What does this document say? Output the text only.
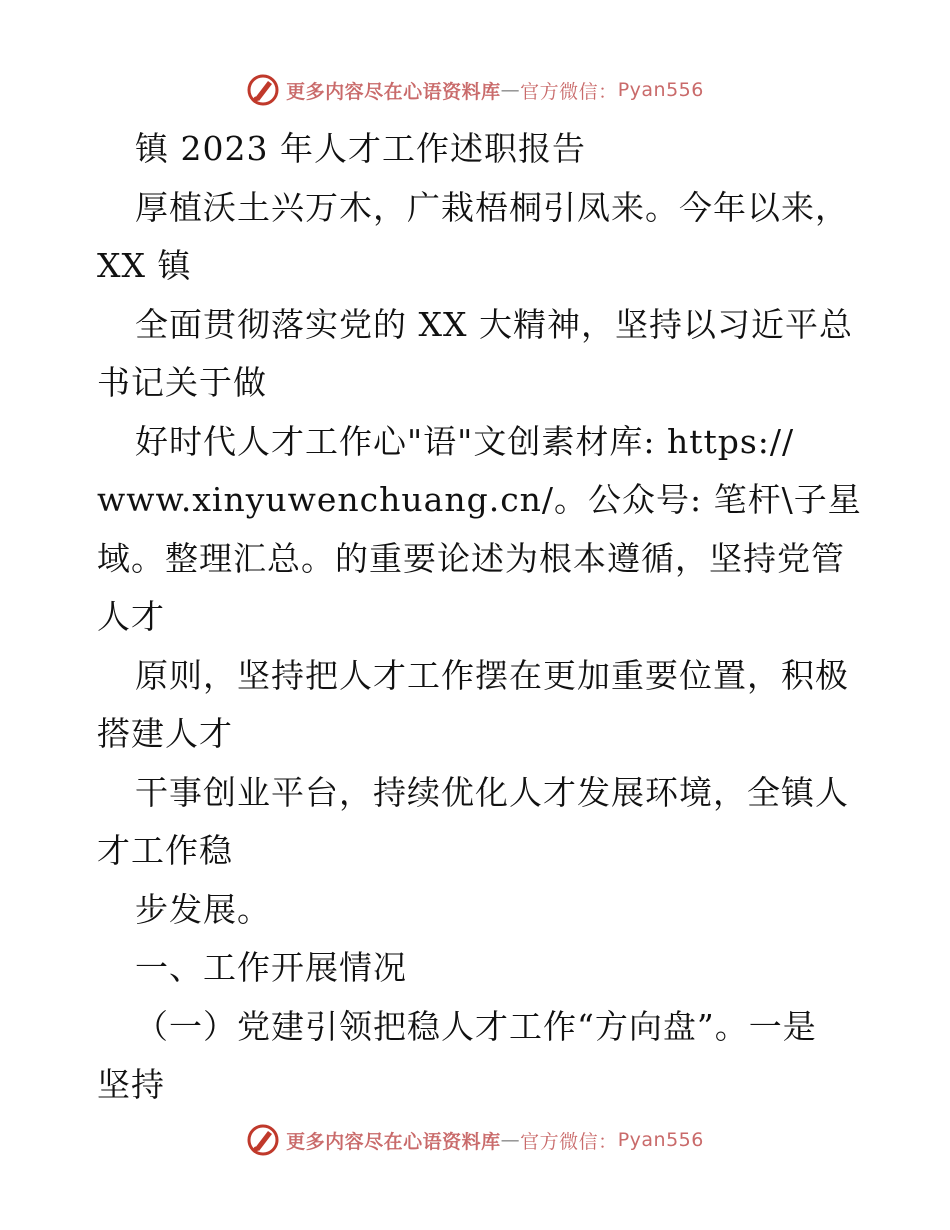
更多内容尽在心语资料库 — 官方微信： Pyan556
镇 2023 年人才工作述职报告
厚植沃土兴万木，广栽梧桐引凤来。今年以来，
XX 镇
全面贯彻落实党的 XX 大精神，坚持以习近平总
书记关于做
好时代人才工作心"语"文创素材库: https://
www.xinyuwenchuang.cn/。公众号: 笔杆\子星
域。整理汇总。的重要论述为根本遵循，坚持党管
人才
原则，坚持把人才工作摆在更加重要位置，积极
搭建人才
干事创业平台，持续优化人才发展环境，全镇人
才工作稳
步发展。
一、工作开展情况
（一）党建引领把稳人才工作“方向盘”。一是
坚持
更多内容尽在心语资料库 — 官方微信： Pyan556
